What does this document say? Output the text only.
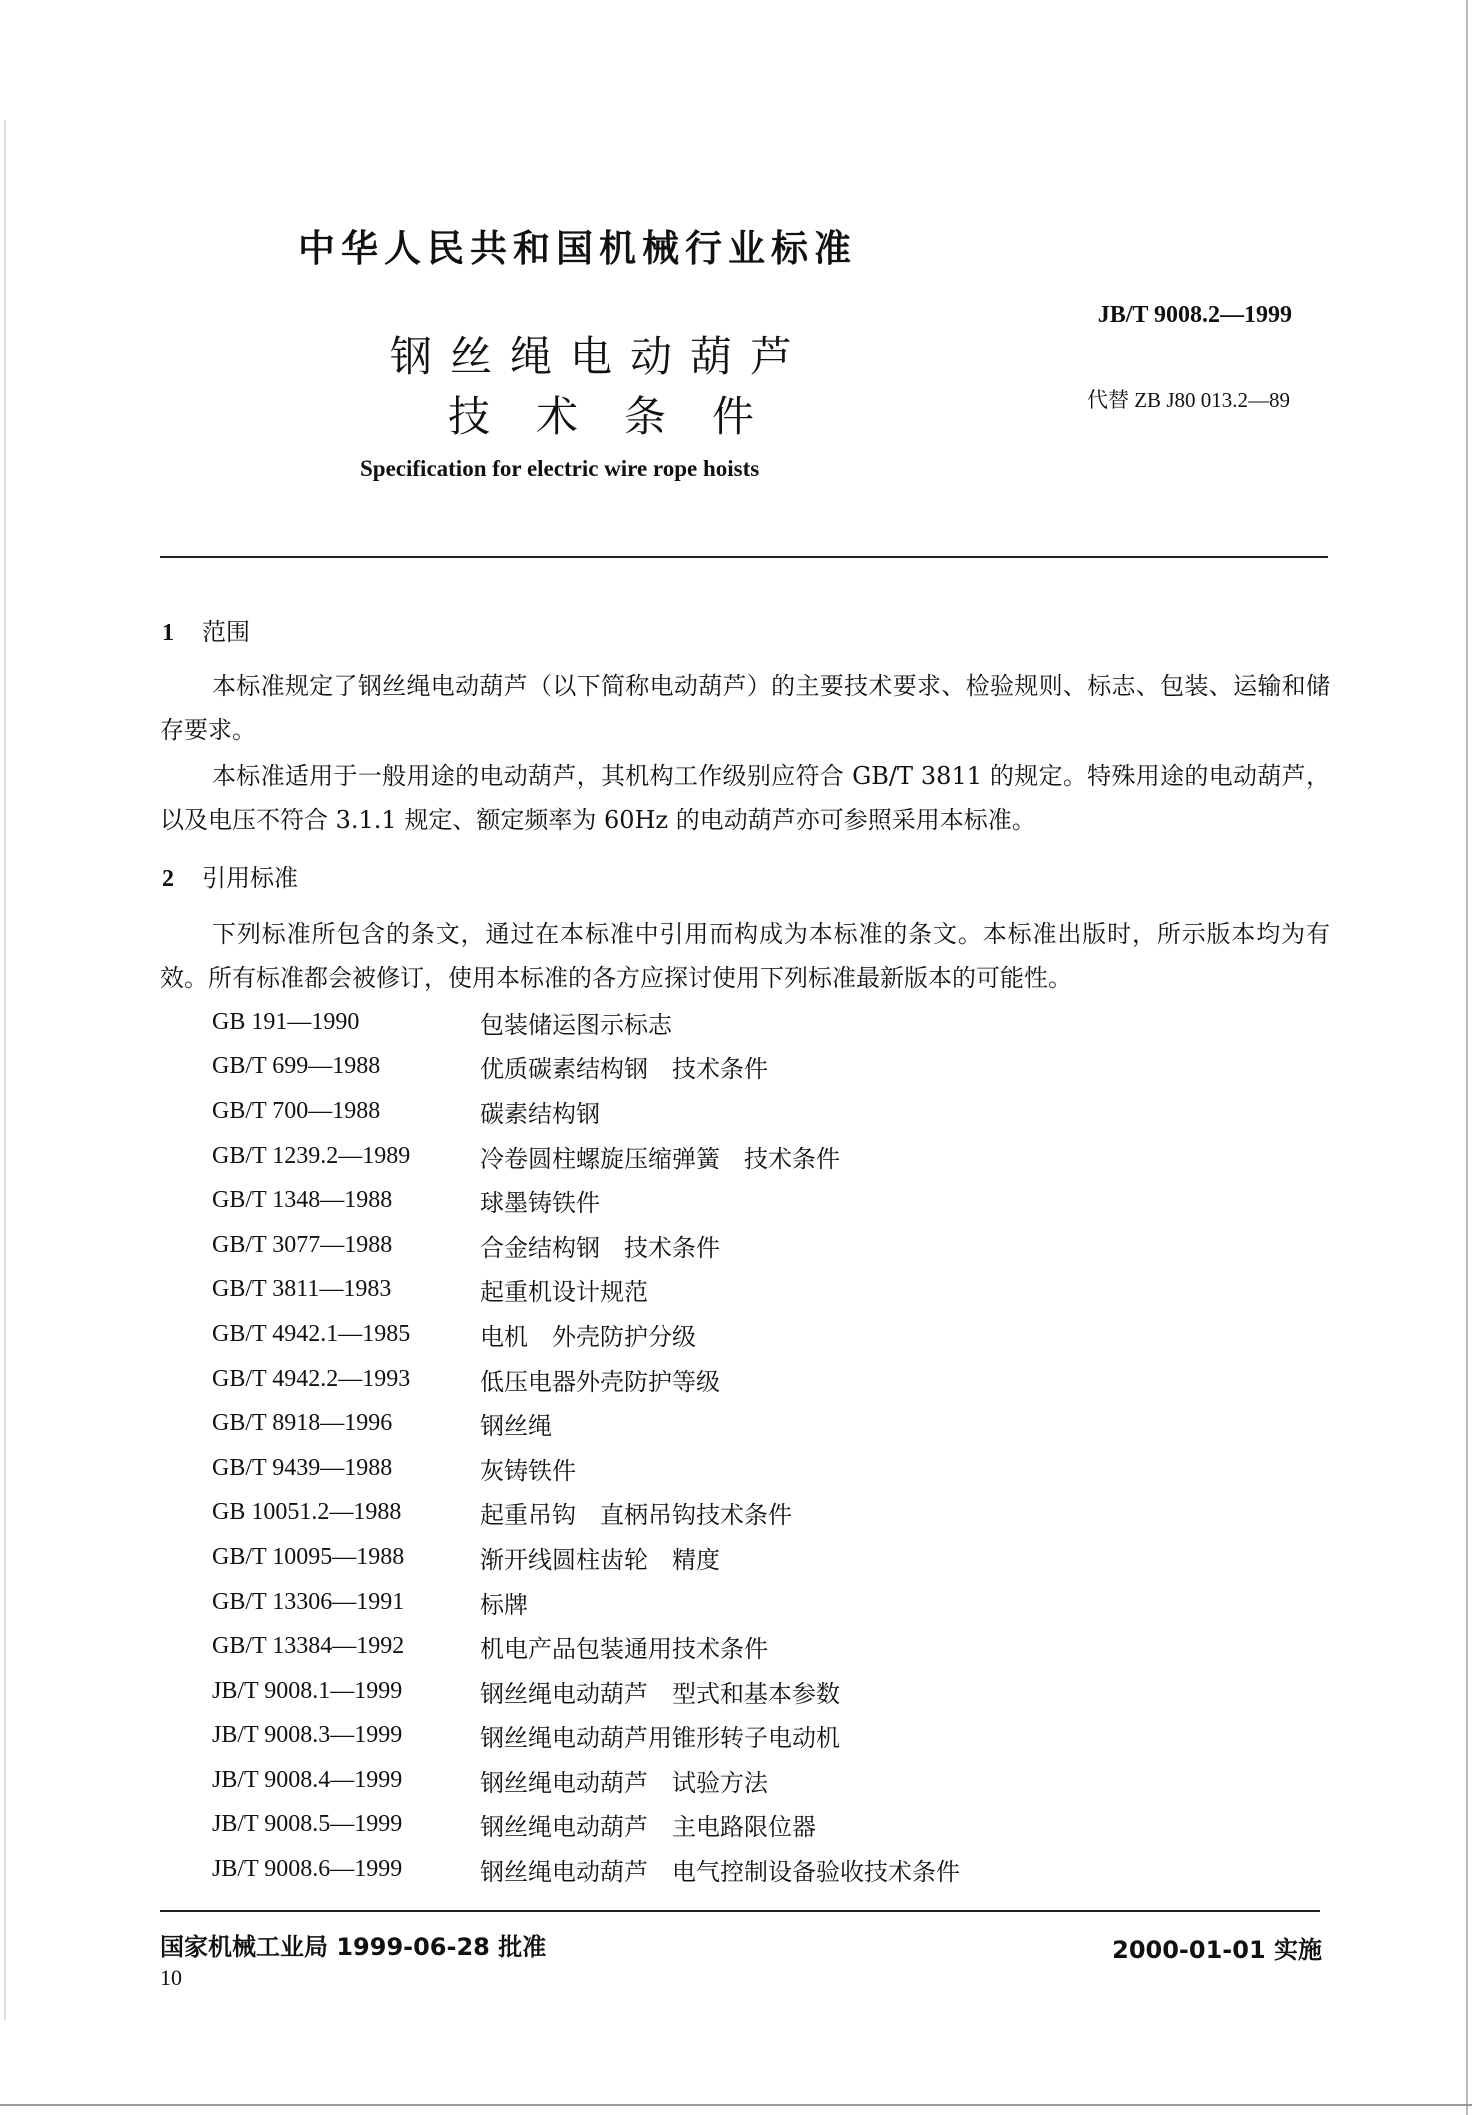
中华人民共和国机械行业标准
JB/T 9008.2—1999
代替 ZB J80 013.2—89
钢丝绳电动葫芦
技术条件
Specification for electric wire rope hoists
1 范围
本标准规定了钢丝绳电动葫芦（以下简称电动葫芦）的主要技术要求、检验规则、标志、包装、运输和储存要求。
本标准适用于一般用途的电动葫芦，其机构工作级别应符合 GB/T 3811 的规定。特殊用途的电动葫芦，以及电压不符合 3.1.1 规定、额定频率为 60Hz 的电动葫芦亦可参照采用本标准。
2 引用标准
下列标准所包含的条文，通过在本标准中引用而构成为本标准的条文。本标准出版时，所示版本均为有效。所有标准都会被修订，使用本标准的各方应探讨使用下列标准最新版本的可能性。
GB 191—1990	包装储运图示标志
GB/T 699—1988	优质碳素结构钢　技术条件
GB/T 700—1988	碳素结构钢
GB/T 1239.2—1989	冷卷圆柱螺旋压缩弹簧　技术条件
GB/T 1348—1988	球墨铸铁件
GB/T 3077—1988	合金结构钢　技术条件
GB/T 3811—1983	起重机设计规范
GB/T 4942.1—1985	电机　外壳防护分级
GB/T 4942.2—1993	低压电器外壳防护等级
GB/T 8918—1996	钢丝绳
GB/T 9439—1988	灰铸铁件
GB 10051.2—1988	起重吊钩　直柄吊钩技术条件
GB/T 10095—1988	渐开线圆柱齿轮　精度
GB/T 13306—1991	标牌
GB/T 13384—1992	机电产品包装通用技术条件
JB/T 9008.1—1999	钢丝绳电动葫芦　型式和基本参数
JB/T 9008.3—1999	钢丝绳电动葫芦用锥形转子电动机
JB/T 9008.4—1999	钢丝绳电动葫芦　试验方法
JB/T 9008.5—1999	钢丝绳电动葫芦　主电路限位器
JB/T 9008.6—1999	钢丝绳电动葫芦　电气控制设备验收技术条件
国家机械工业局 1999-06-28 批准	2000-01-01 实施
10
